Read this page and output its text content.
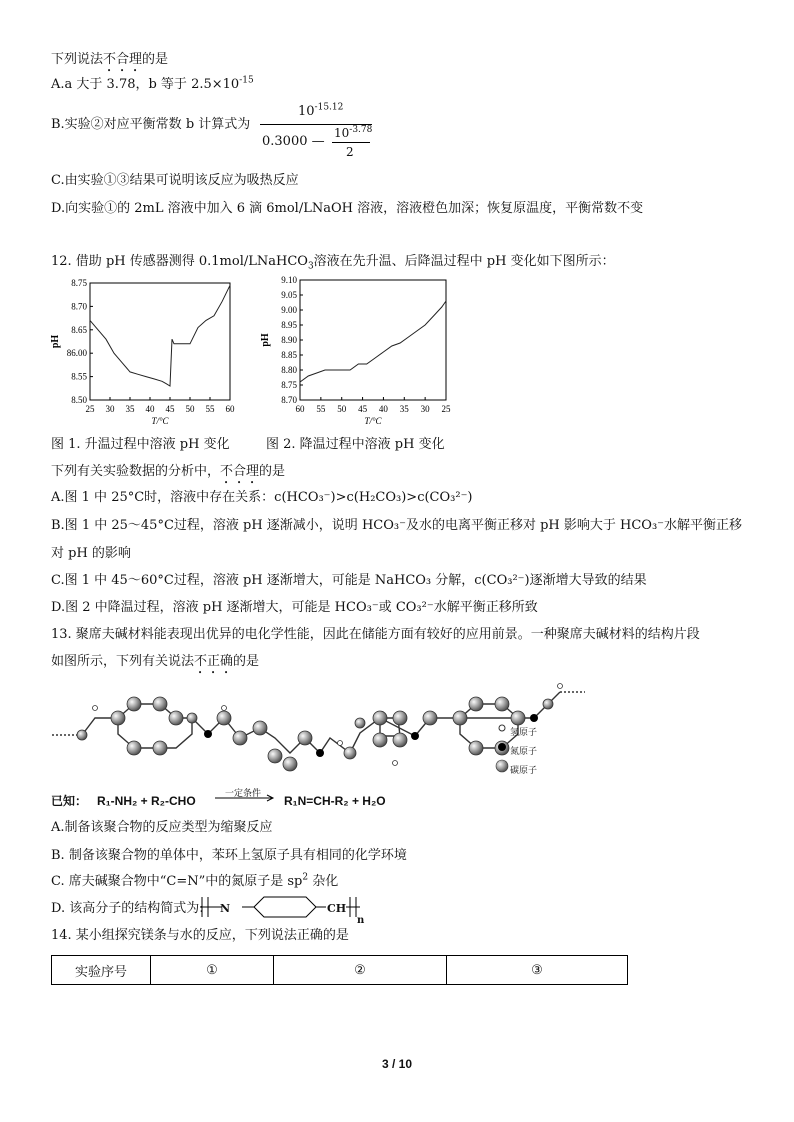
下列说法不合理的是
A.a 大于 3.78，b 等于 $2.5\times 10^{-15}$
B.实验②对应平衡常数 b 计算式为
$10^{-15.12}$
0.3000 —
$10^{-3.78}$
2
C.由实验①③结果可说明该反应为吸热反应
D.向实验①的 2mL 溶液中加入 6 滴 6mol/LNaOH 溶液，溶液橙色加深；恢复原温度，平衡常数不变
12. 借助 pH 传感器测得 0.1mol/LNaHCO$_3$溶液在先升温、后降温过程中 pH 变化如下图所示：
25 30 35 40 45 50 55 60
8.50
8.55
86.00
8.65
8.70
8.75
pH
T/°C
60 55 50 45 40 35 30 25
8.70
8.75
8.80
8.85
8.90
8.95
9.00
9.05
9.10
pH
T/°C
图 1. 升温过程中溶液 pH 变化	图 2. 降温过程中溶液 pH 变化
下列有关实验数据的分析中，不合理的是
A.图 1 中 25°C时，溶液中存在关系：c(HCO₃⁻)>c(H₂CO₃)>c(CO₃²⁻)
B.图 1 中 25～45°C过程，溶液 pH 逐渐减小，说明 HCO₃⁻及水的电离平衡正移对 pH 影响大于 HCO₃⁻水解平衡正移
对 pH 的影响
C.图 1 中 45～60°C过程，溶液 pH 逐渐增大，可能是 NaHCO₃ 分解，c(CO₃²⁻)逐渐增大导致的结果
D.图 2 中降温过程，溶液 pH 逐渐增大，可能是 HCO₃⁻或 CO₃²⁻水解平衡正移所致
13. 聚席夫碱材料能表现出优异的电化学性能，因此在储能方面有较好的应用前景。一种聚席夫碱材料的结构片段
如图所示，下列有关说法不正确的是
氢原子
氮原子
碳原子
已知： R₁-NH₂ + R₂-CHO
一定条件
R₁N=CH-R₂ + H₂O
A.制备该聚合物的反应类型为缩聚反应
B. 制备该聚合物的单体中，苯环上氢原子具有相同的化学环境
C. 席夫碱聚合物中“C=N”中的氮原子是 $sp^2$ 杂化
D. 该高分子的结构简式为: N	CH
n
14. 某小组探究镁条与水的反应，下列说法正确的是
实验序号	①	②	③
3 / 10
